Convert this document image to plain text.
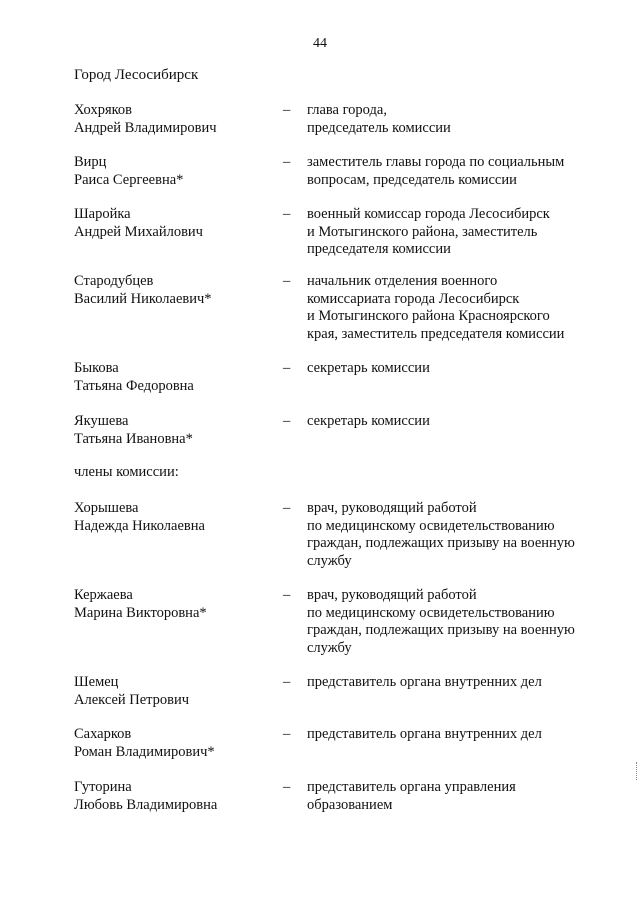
44
Город Лесосибирск
Хохряков
Андрей Владимирович
– глава города,
председатель комиссии
Вирц
Раиса Сергеевна*
– заместитель главы города по социальным
вопросам, председатель комиссии
Шаройка
Андрей Михайлович
– военный комиссар города Лесосибирск
и Мотыгинского района, заместитель
председателя комиссии
Стародубцев
Василий Николаевич*
– начальник отделения военного
комиссариата города Лесосибирск
и Мотыгинского района Красноярского
края, заместитель председателя комиссии
Быкова
Татьяна Федоровна
– секретарь комиссии
Якушева
Татьяна Ивановна*
– секретарь комиссии
члены комиссии:
Хорышева
Надежда Николаевна
– врач, руководящий работой
по медицинскому освидетельствованию
граждан, подлежащих призыву на военную
службу
Кержаева
Марина Викторовна*
– врач, руководящий работой
по медицинскому освидетельствованию
граждан, подлежащих призыву на военную
службу
Шемец
Алексей Петрович
– представитель органа внутренних дел
Сахарков
Роман Владимирович*
– представитель органа внутренних дел
Гуторина
Любовь Владимировна
– представитель органа управления
образованием
